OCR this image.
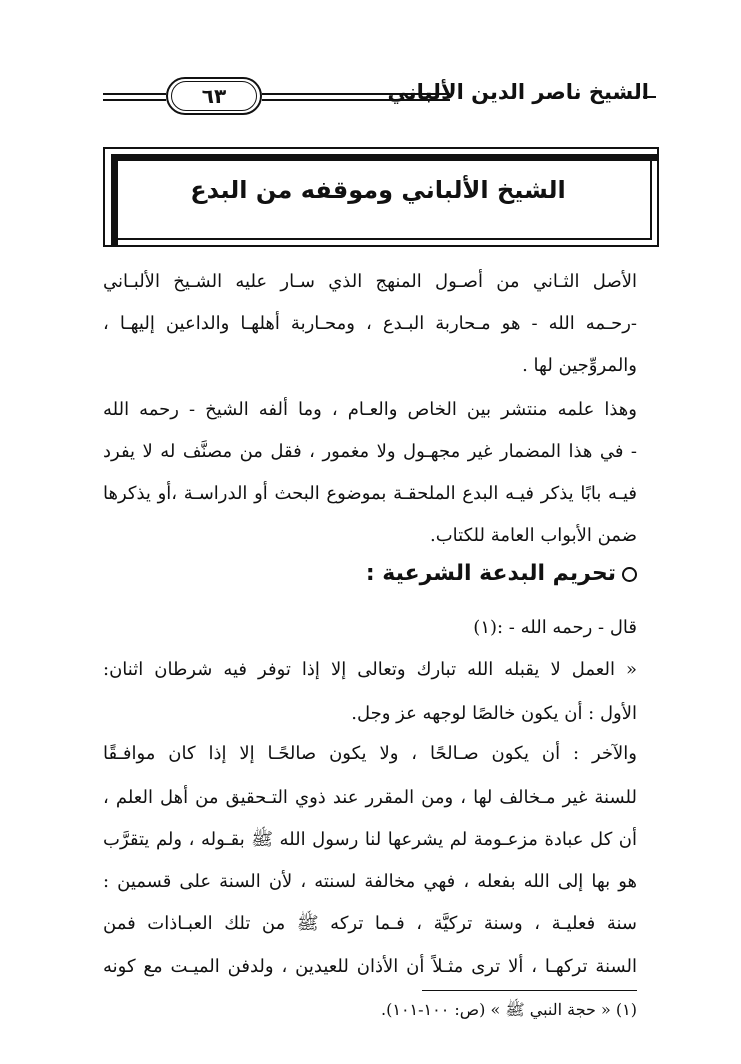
٦٣	الشيخ ناصر الدين الألباني
الشيخ الألباني وموقفه من البدع
الأصل الثـاني من أصـول المنهج الذي سـار عليه الشـيخ الألبـاني
-رحـمه الله - هو مـحاربة البـدع ، ومحـاربة أهلهـا والداعين إليهـا ،
والمروِّجين لها .
وهذا علمه منتشر بين الخاص والعـام ، وما ألفه الشيخ - رحمه الله
- في هذا المضمار غير مجهـول ولا مغمور ، فقل من مصنَّف له لا يفرد
فيـه بابًا يذكر فيـه البدع الملحقـة بموضوع البحث أو الدراسـة ،أو يذكرها
ضمن الأبواب العامة للكتاب.
تحريم البدعة الشرعية :
قال - رحمه الله - :(١)
« العمل لا يقبله الله تبارك وتعالى إلا إذا توفر فيه شرطان اثنان:
الأول : أن يكون خالصًا لوجهه عز وجل.
والآخر : أن يكون صـالحًا ، ولا يكون صالحًـا إلا إذا كان موافـقًا
للسنة غير مـخالف لها ، ومن المقرر عند ذوي التـحقيق من أهل العلم ،
أن كل عبادة مزعـومة لم يشرعها لنا رسول الله ﷺ بقـوله ، ولم يتقرَّب
هو بها إلى الله بفعله ، فهي مخالفة لسنته ، لأن السنة على قسمين :
سنة فعليـة ، وسنة تركيَّة ، فـما تركه ﷺ من تلك العبـاذات فمن
السنة تركهـا ، ألا ترى مثـلاً أن الأذان للعيدين ، ولدفن الميـت مع كونه
(١) « حجة النبي ﷺ » (ص: ١٠٠-١٠١).
